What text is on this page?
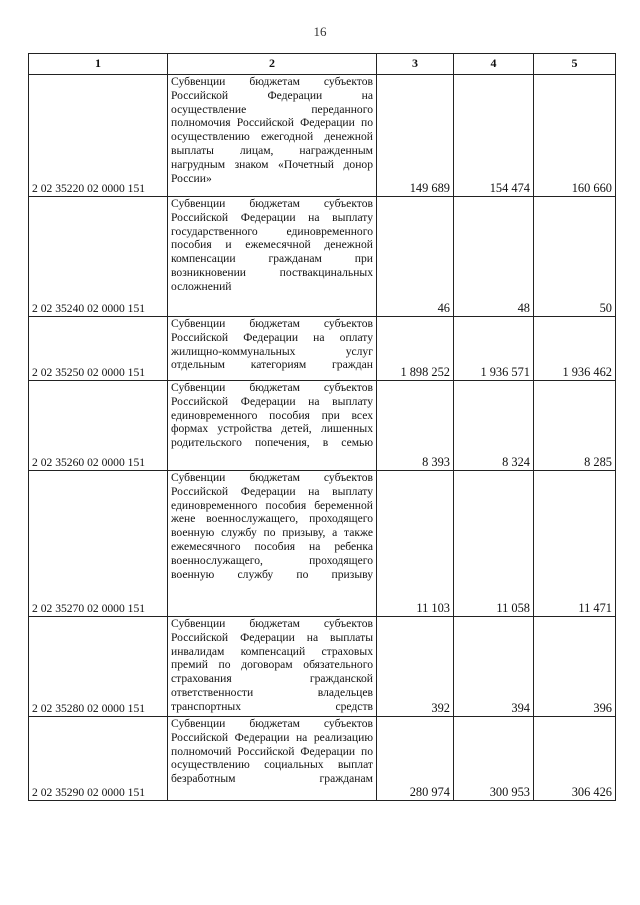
16
1	2	3	4	5
2 02 35220 02 0000 151	Субвенции бюджетам субъектов Российской Федерации на осуществление переданного полномочия Российской Федерации по осуществлению ежегодной денежной выплаты лицам, награжденным нагрудным знаком «Почетный донор России»	149 689	154 474	160 660
2 02 35240 02 0000 151	Субвенции бюджетам субъектов Российской Федерации на выплату государственного единовременного пособия и ежемесячной денежной компенсации гражданам при возникновении поствакцинальных осложнений	46	48	50
2 02 35250 02 0000 151	Субвенции бюджетам субъектов Российской Федерации на оплату жилищно-коммунальных услуг отдельным категориям граждан	1 898 252	1 936 571	1 936 462
2 02 35260 02 0000 151	Субвенции бюджетам субъектов Российской Федерации на выплату единовременного пособия при всех формах устройства детей, лишенных родительского попечения, в семью	8 393	8 324	8 285
2 02 35270 02 0000 151	Субвенции бюджетам субъектов Российской Федерации на выплату единовременного пособия беременной жене военнослужащего, проходящего военную службу по призыву, а также ежемесячного пособия на ребенка военнослужащего, проходящего военную службу по призыву	11 103	11 058	11 471
2 02 35280 02 0000 151	Субвенции бюджетам субъектов Российской Федерации на выплаты инвалидам компенсаций страховых премий по договорам обязательного страхования гражданской ответственности владельцев транспортных средств	392	394	396
2 02 35290 02 0000 151	Субвенции бюджетам субъектов Российской Федерации на реализацию полномочий Российской Федерации по осуществлению социальных выплат безработным гражданам	280 974	300 953	306 426
